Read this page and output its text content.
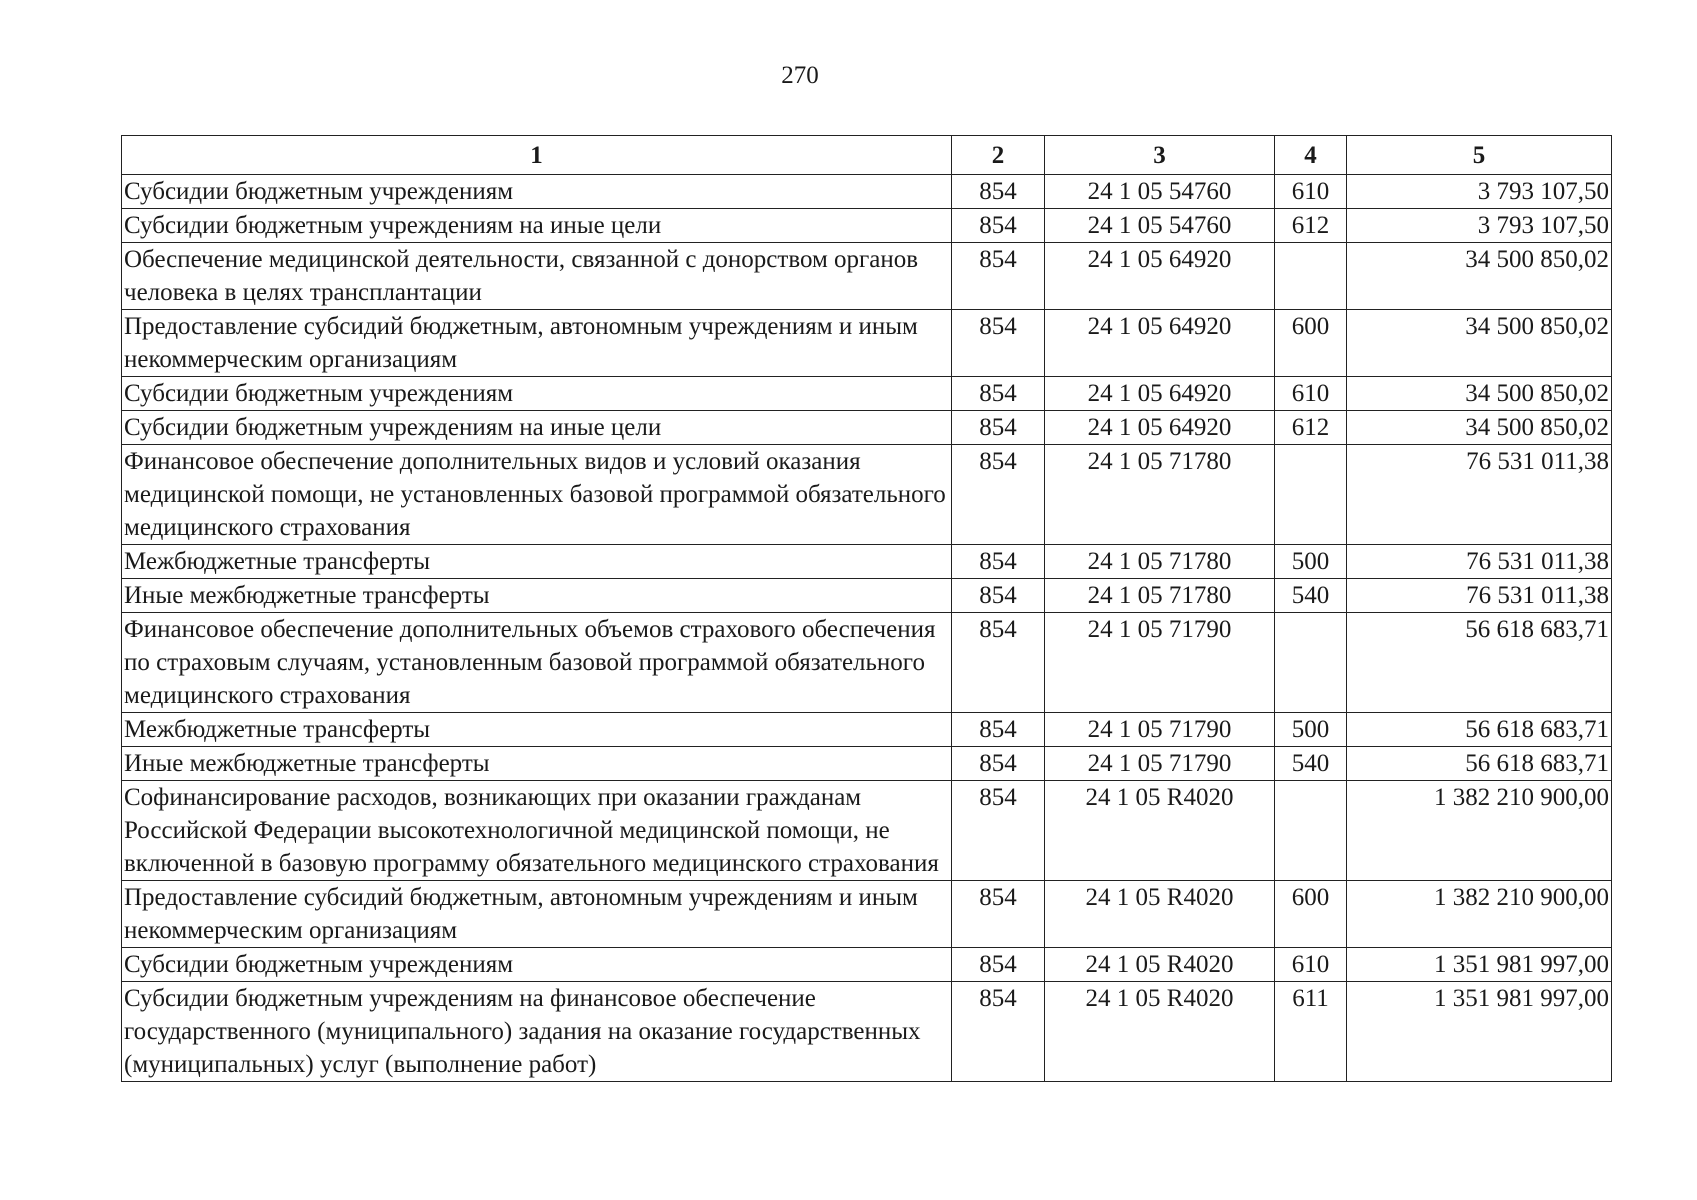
270
1	2	3	4	5
Субсидии бюджетным учреждениям	854	24 1 05 54760	610	3 793 107,50
Субсидии бюджетным учреждениям на иные цели	854	24 1 05 54760	612	3 793 107,50
Обеспечение медицинской деятельности, связанной с донорством органов человека в целях трансплантации	854	24 1 05 64920		34 500 850,02
Предоставление субсидий бюджетным, автономным учреждениям и иным некоммерческим организациям	854	24 1 05 64920	600	34 500 850,02
Субсидии бюджетным учреждениям	854	24 1 05 64920	610	34 500 850,02
Субсидии бюджетным учреждениям на иные цели	854	24 1 05 64920	612	34 500 850,02
Финансовое обеспечение дополнительных видов и условий оказания медицинской помощи, не установленных базовой программой обязательного медицинского страхования	854	24 1 05 71780		76 531 011,38
Межбюджетные трансферты	854	24 1 05 71780	500	76 531 011,38
Иные межбюджетные трансферты	854	24 1 05 71780	540	76 531 011,38
Финансовое обеспечение дополнительных объемов страхового обеспечения по страховым случаям, установленным базовой программой обязательного медицинского страхования	854	24 1 05 71790		56 618 683,71
Межбюджетные трансферты	854	24 1 05 71790	500	56 618 683,71
Иные межбюджетные трансферты	854	24 1 05 71790	540	56 618 683,71
Софинансирование расходов, возникающих при оказании гражданам Российской Федерации высокотехнологичной медицинской помощи, не включенной в базовую программу обязательного медицинского страхования	854	24 1 05 R4020		1 382 210 900,00
Предоставление субсидий бюджетным, автономным учреждениям и иным некоммерческим организациям	854	24 1 05 R4020	600	1 382 210 900,00
Субсидии бюджетным учреждениям	854	24 1 05 R4020	610	1 351 981 997,00
Субсидии бюджетным учреждениям на финансовое обеспечение государственного (муниципального) задания на оказание государственных (муниципальных) услуг (выполнение работ)	854	24 1 05 R4020	611	1 351 981 997,00
